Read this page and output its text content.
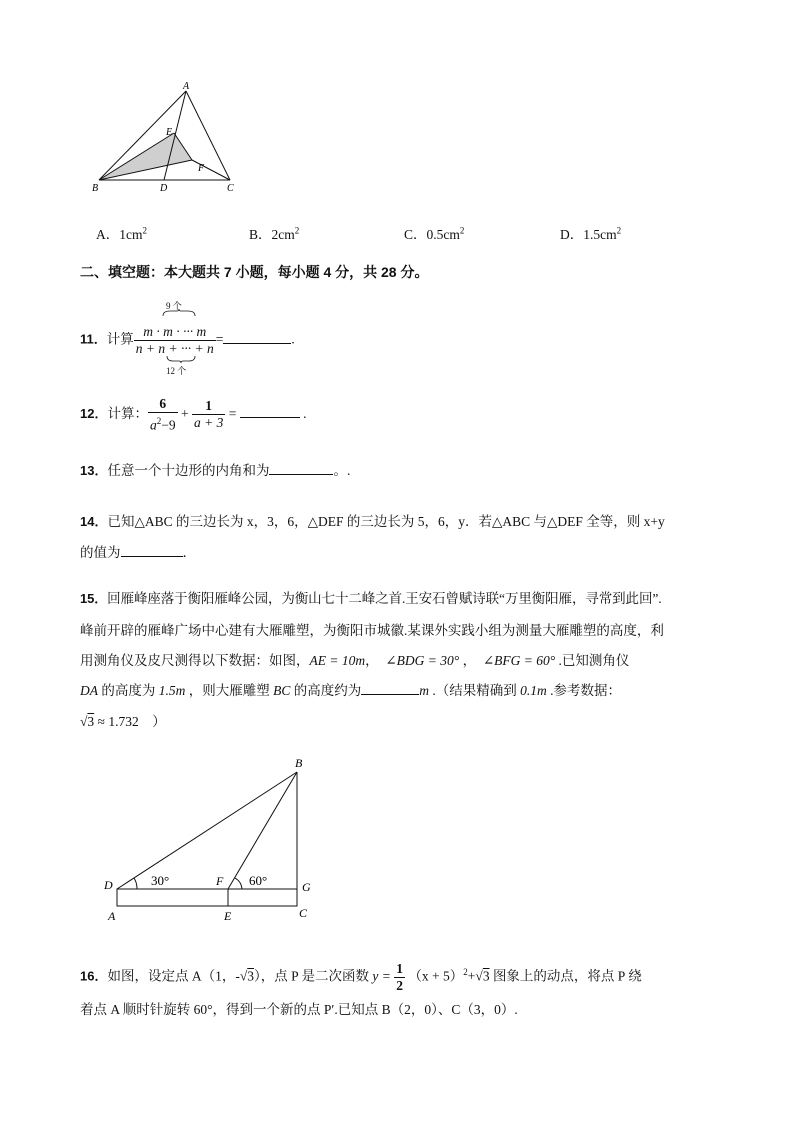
A
B	C
D
E
F
A．$1cm^2$	B．$2cm^2$	C．$0.5cm^2$	D．$1.5cm^2$
二、填空题：本大题共 7 小题，每小题 4 分，共 28 分。
9 个
11．计算 $\frac{m \cdot m \cdot \cdot\cdot\cdot m}{n + n + \cdot\cdot\cdot + n}$ =	.
12 个
12．计算： $\frac{6}{a^2-9} + \frac{1}{a + 3}$ =	.
13．任意一个十边形的内角和为	。.
14．已知△ABC 的三边长为 x，3，6，△DEF 的三边长为 5，6，y．若△ABC 与△DEF 全等，则 x+y
的值为	．
15．回雁峰座落于衡阳雁峰公园，为衡山七十二峰之首.王安石曾赋诗联“万里衡阳雁，寻常到此回”.
峰前开辟的雁峰广场中心建有大雁雕塑，为衡阳市城徽.某课外实践小组为测量大雁雕塑的高度，利
用测角仪及皮尺测得以下数据：如图，AE = 10m， ∠BDG = 30° ， ∠BFG = 60° .已知测角仪
DA 的高度为 1.5m ，则大雁雕塑 BC 的高度约为	m .（结果精确到 0.1m .参考数据：
√3 ≈ 1.732　）
30°	60°
B
D	F	G
A	E	C
16．如图，设定点 A（1，-√3），点 P 是二次函数 $y = \frac{1}{2} (x + 5)^2+√3$ 图象上的动点，将点 P 绕
着点 A 顺时针旋转 60°，得到一个新的点 P′.已知点 B（2，0）、C（3，0）.
